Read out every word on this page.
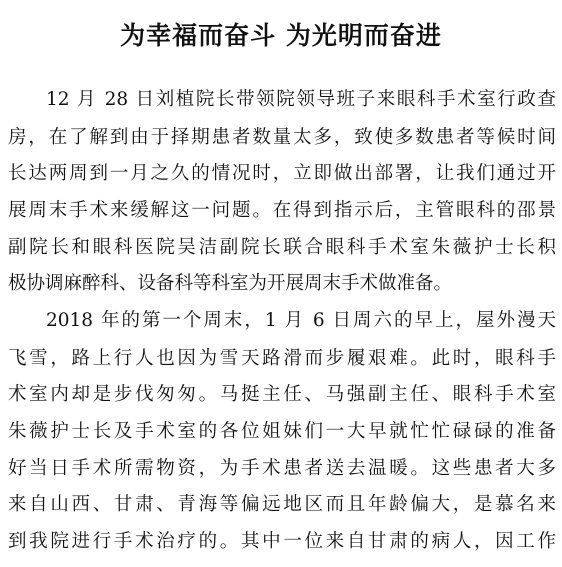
为幸福而奋斗 为光明而奋进
12 月 28 日刘植院长带领院领导班子来眼科手术室行政查
房，在了解到由于择期患者数量太多，致使多数患者等候时间
长达两周到一月之久的情况时，立即做出部署，让我们通过开
展周末手术来缓解这一问题。在得到指示后，主管眼科的邵景
副院长和眼科医院吴洁副院长联合眼科手术室朱薇护士长积
极协调麻醉科、设备科等科室为开展周末手术做准备。
2018 年的第一个周末，1 月 6 日周六的早上，屋外漫天
飞雪，路上行人也因为雪天路滑而步履艰难。此时，眼科手
术室内却是步伐匆匆。马挺主任、马强副主任、眼科手术室
朱薇护士长及手术室的各位姐妹们一大早就忙忙碌碌的准备
好当日手术所需物资，为手术患者送去温暖。这些患者大多
来自山西、甘肃、青海等偏远地区而且年龄偏大，是慕名来
到我院进行手术治疗的。其中一位来自甘肃的病人，因工作
